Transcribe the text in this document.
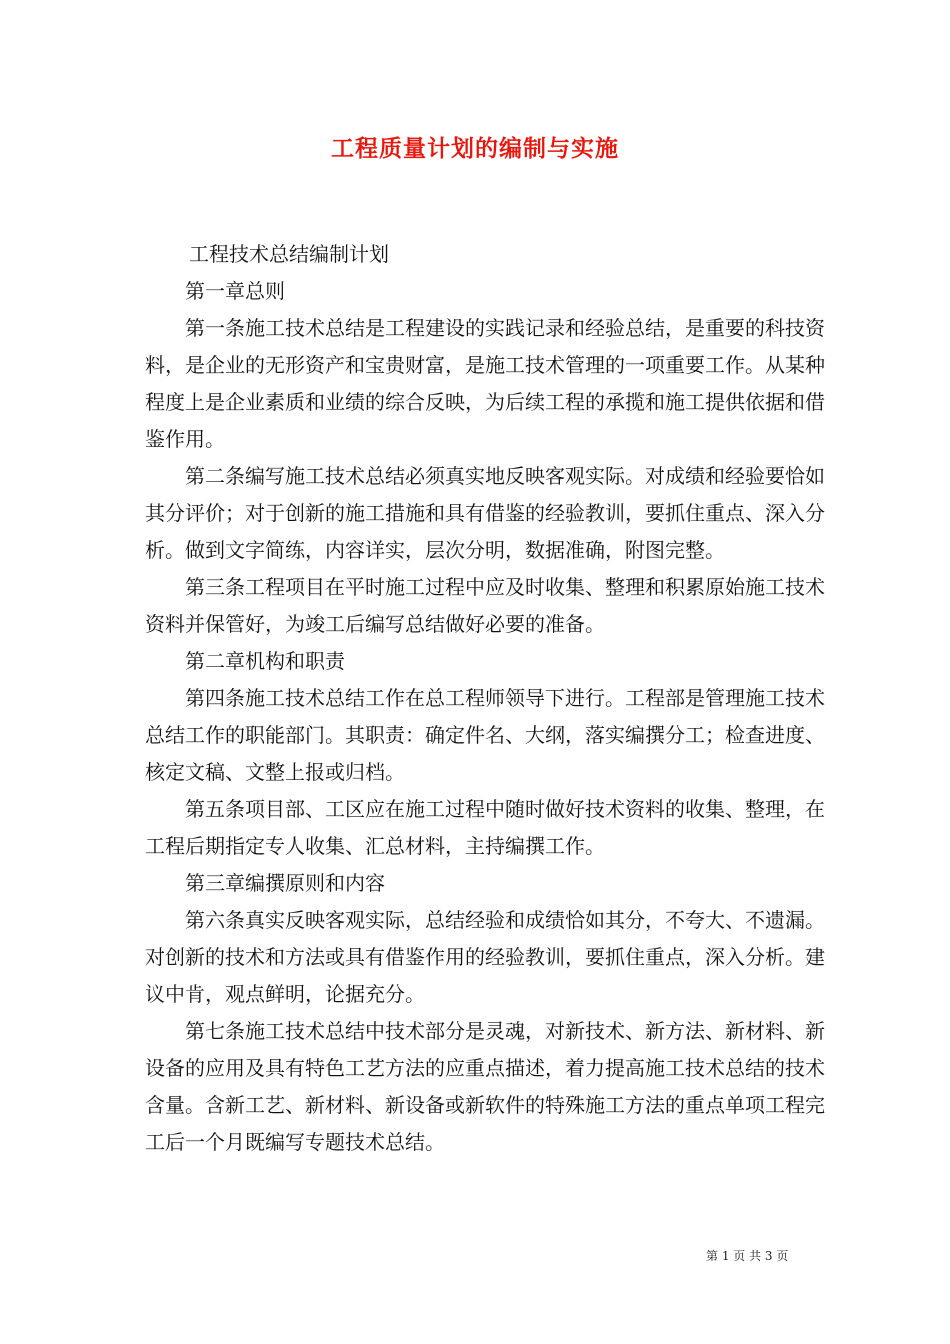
工程质量计划的编制与实施

工程技术总结编制计划

第一章总则

第一条施工技术总结是工程建设的实践记录和经验总结，是重要的科技资料，是企业的无形资产和宝贵财富，是施工技术管理的一项重要工作。从某种程度上是企业素质和业绩的综合反映，为后续工程的承揽和施工提供依据和借鉴作用。

第二条编写施工技术总结必须真实地反映客观实际。对成绩和经验要恰如其分评价；对于创新的施工措施和具有借鉴的经验教训，要抓住重点、深入分析。做到文字简练，内容详实，层次分明，数据准确，附图完整。

第三条工程项目在平时施工过程中应及时收集、整理和积累原始施工技术资料并保管好，为竣工后编写总结做好必要的准备。

第二章机构和职责

第四条施工技术总结工作在总工程师领导下进行。工程部是管理施工技术总结工作的职能部门。其职责：确定件名、大纲，落实编撰分工；检查进度、核定文稿、文整上报或归档。

第五条项目部、工区应在施工过程中随时做好技术资料的收集、整理，在工程后期指定专人收集、汇总材料，主持编撰工作。

第三章编撰原则和内容

第六条真实反映客观实际，总结经验和成绩恰如其分，不夸大、不遗漏。对创新的技术和方法或具有借鉴作用的经验教训，要抓住重点，深入分析。建议中肯，观点鲜明，论据充分。

第七条施工技术总结中技术部分是灵魂，对新技术、新方法、新材料、新设备的应用及具有特色工艺方法的应重点描述，着力提高施工技术总结的技术含量。含新工艺、新材料、新设备或新软件的特殊施工方法的重点单项工程完工后一个月既编写专题技术总结。

第 1 页 共 3 页
